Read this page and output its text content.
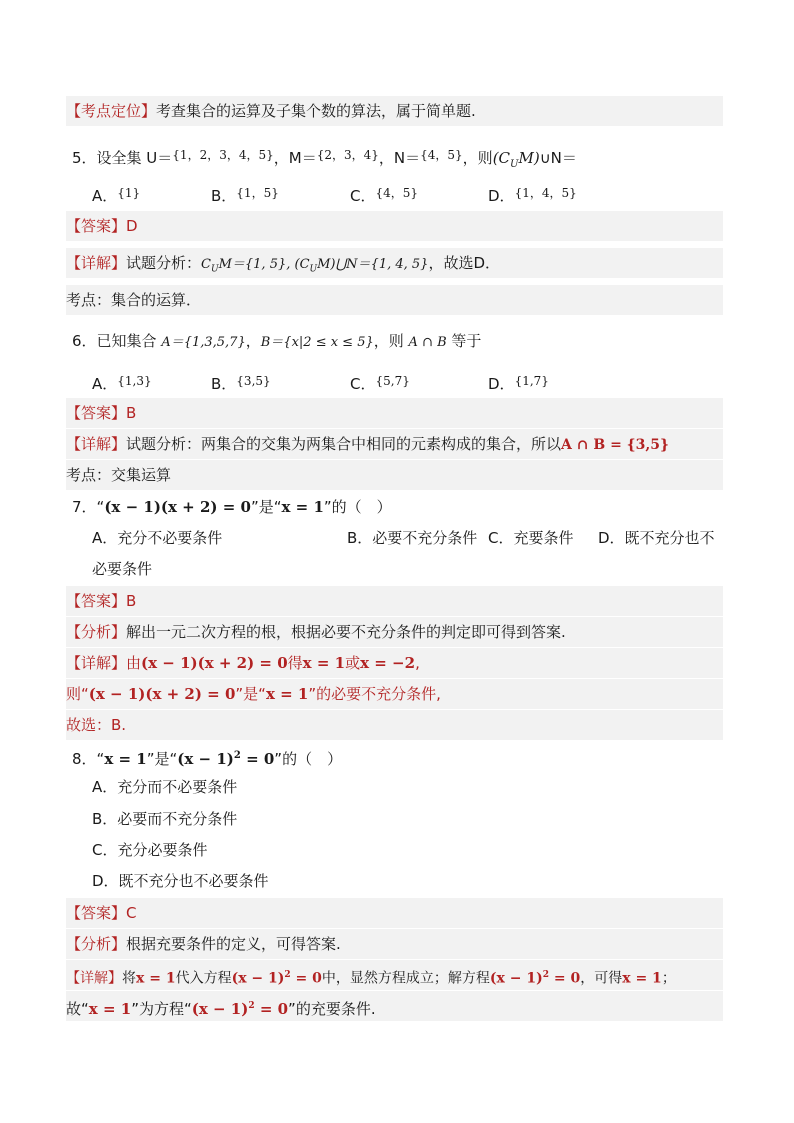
【考点定位】考查集合的运算及子集个数的算法，属于简单题.
5．设全集 U＝$^{\{1,2,3,4,5\}}$，M＝$^{\{2,3,4\}}$，N＝$^{\{4,5\}}$，则$(C_UM)\cup N=$
A．$^{\{1\}}$	B．$^{\{1,5\}}$	C．$^{\{4,5\}}$	D．$^{\{1,4,5\}}$
【答案】D
【详解】试题分析：$C_UM=\{1$, 5}, $(C_UM)⋃N=\{1$, 4, 5}，故选D．
考点：集合的运算．
6．已知集合 A＝{1,3,5,7}，B＝{x|2 ≤ x ≤ 5}，则 A ∩ B 等于
A．$^{\{1,3\}}$	B．$^{\{3,5\}}$	C．$^{\{5,7\}}$	D．$^{\{1,7\}}$
【答案】B
【详解】试题分析：两集合的交集为两集合中相同的元素构成的集合，所以A ∩ B = {3,5}
考点：交集运算
7．“(x − 1)(x + 2) = 0”是“x = 1”的（　）
A．充分不必要条件	B．必要不充分条件 C．充要条件 D．既不充分也不
必要条件
【答案】B
【分析】解出一元二次方程的根，根据必要不充分条件的判定即可得到答案.
【详解】由(x − 1)(x + 2) = 0得x = 1或x = −2,
则“(x − 1)(x + 2) = 0”是“x = 1”的必要不充分条件,
故选：B.
8．“x = 1”是“$(x - 1)^2 = 0$”的（　）
A．充分而不必要条件
B．必要而不充分条件
C．充分必要条件
D．既不充分也不必要条件
【答案】C
【分析】根据充要条件的定义，可得答案.
【详解】将x = 1代入方程$(x - 1)^2 = 0$中，显然方程成立；解方程$(x - 1)^2 = 0$，可得x = 1；
故“x = 1”为方程“$(x - 1)^2 = 0$”的充要条件.
